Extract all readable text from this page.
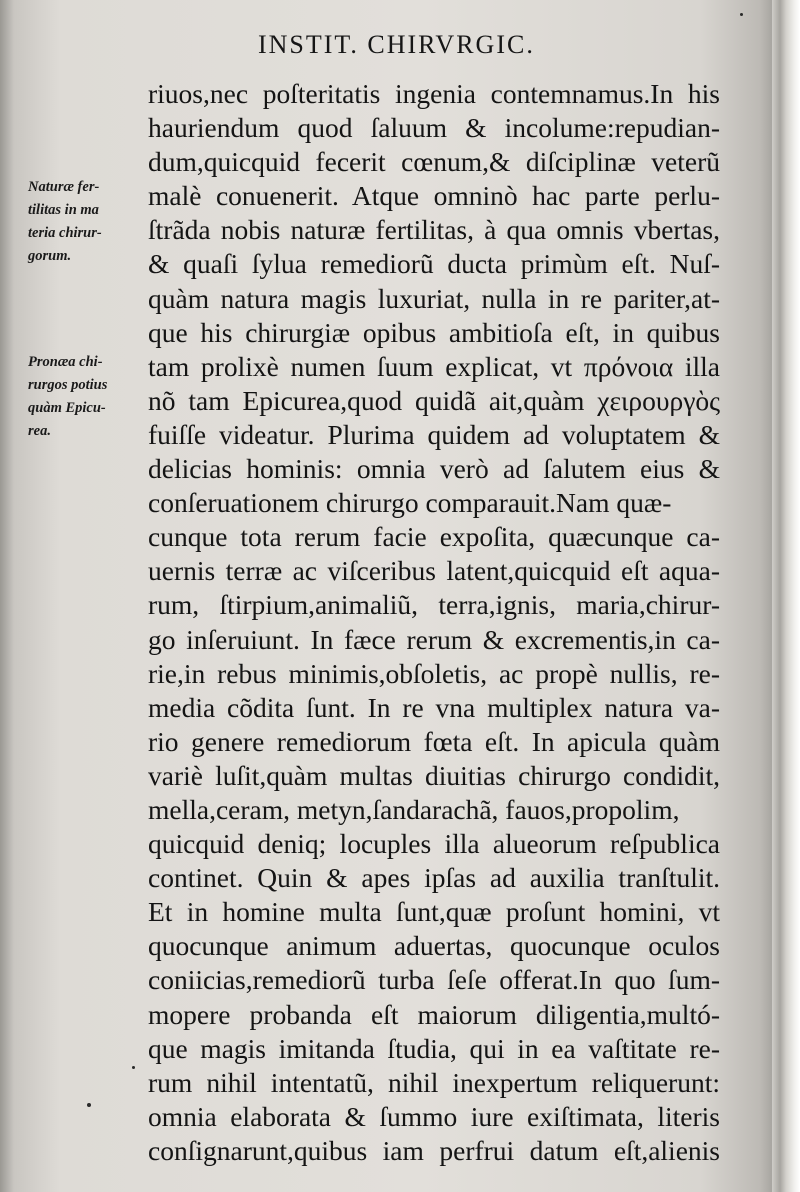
INSTIT. CHIRVRGIC.
riuos,nec poſteritatis ingenia contemnamus.In his
hauriendum quod ſaluum & incolume:repudian-
dum,quicquid fecerit cœnum,& diſciplinæ veterũ
malè conuenerit. Atque omninò hac parte perlu-
ſtrãda nobis naturæ fertilitas, à qua omnis vbertas,
& quaſi ſylua remediorũ ducta primùm eſt. Nuſ-
quàm natura magis luxuriat, nulla in re pariter,at-
que his chirurgiæ opibus ambitioſa eſt, in quibus
tam prolixè numen ſuum explicat, vt πρόνοια illa
nõ tam Epicurea,quod quidã ait,quàm χειρουργὸς
fuiſſe videatur. Plurima quidem ad voluptatem &
delicias hominis: omnia verò ad ſalutem eius &
conſeruationem chirurgo comparauit.Nam quæ-
cunque tota rerum facie expoſita, quæcunque ca-
uernis terræ ac viſceribus latent,quicquid eſt aqua-
rum, ſtirpium,animaliũ, terra,ignis, maria,chirur-
go inſeruiunt. In fæce rerum & excrementis,in ca-
rie,in rebus minimis,obſoletis, ac propè nullis, re-
media cõdita ſunt. In re vna multiplex natura va-
rio genere remediorum fœta eſt. In apicula quàm
variè luſit,quàm multas diuitias chirurgo condidit,
mella,ceram, metyn,ſandarachã, fauos,propolim,
quicquid deniq; locuples illa alueorum reſpublica
continet. Quin & apes ipſas ad auxilia tranſtulit.
Et in homine multa ſunt,quæ proſunt homini, vt
quocunque animum aduertas, quocunque oculos
coniicias,remediorũ turba ſeſe offerat.In quo ſum-
mopere probanda eſt maiorum diligentia,multó-
que magis imitanda ſtudia, qui in ea vaſtitate re-
rum nihil intentatũ, nihil inexpertum reliquerunt:
omnia elaborata & ſummo iure exiſtimata, literis
conſignarunt,quibus iam perfrui datum eſt,alienis
Naturæ fer-
tilitas in ma
teria chirur-
gorum.
Pronæa chi-
rurgos potius
quàm Epicu-
rea.
